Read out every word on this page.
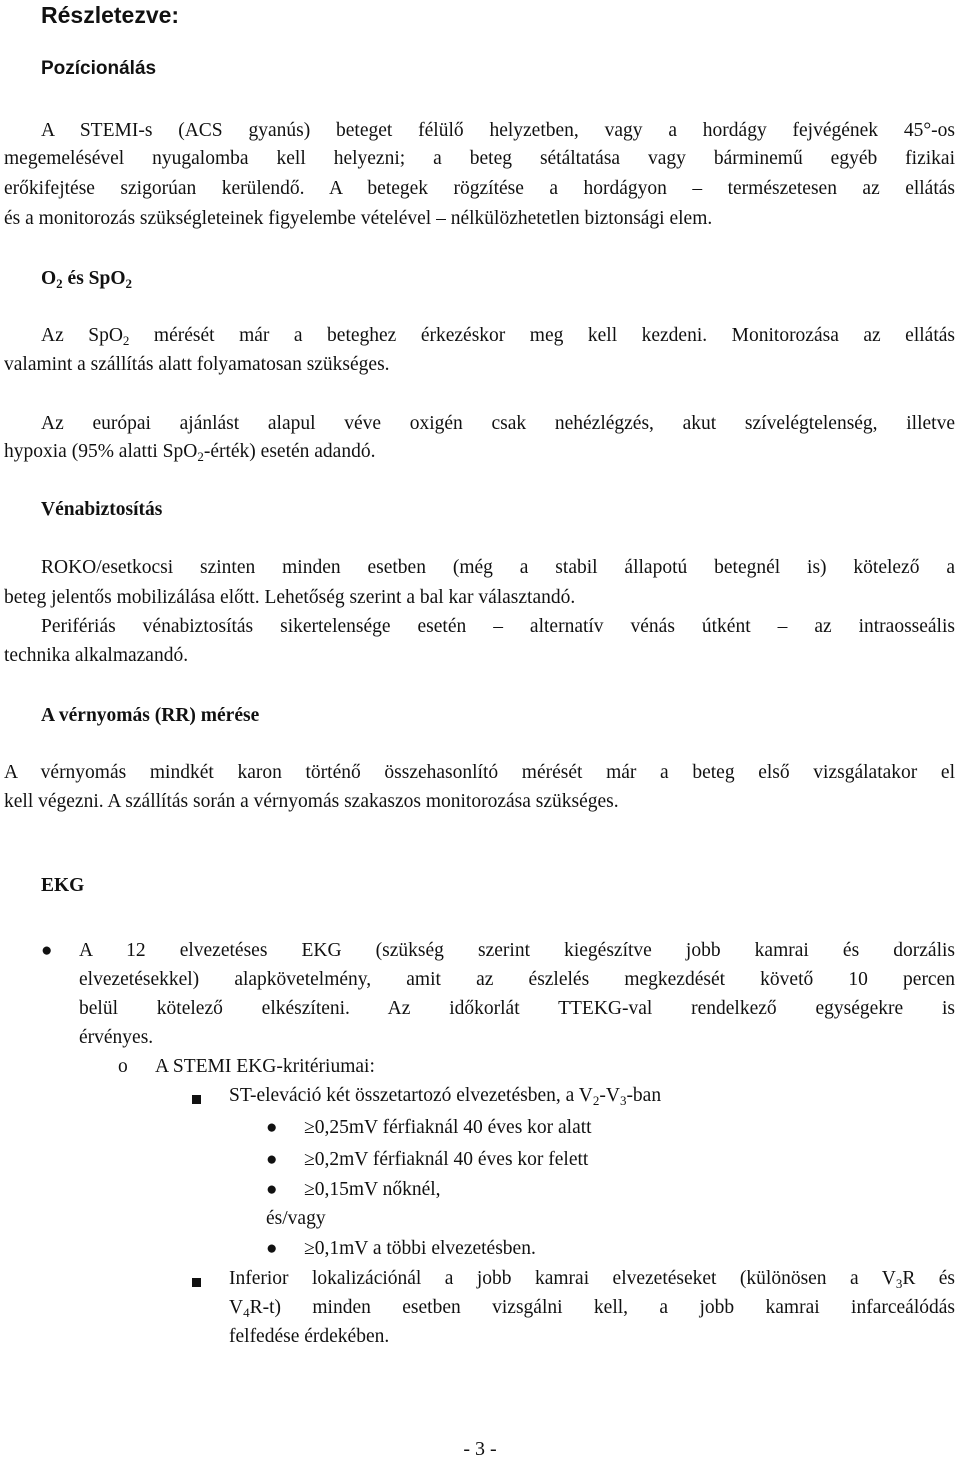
Részletezve:
Pozícionálás
A STEMI-s (ACS gyanús) beteget félülő helyzetben, vagy a hordágy fejvégének 45°-os
megemelésével nyugalomba kell helyezni; a beteg sétáltatása vagy bárminemű egyéb fizikai
erőkifejtése szigorúan kerülendő. A betegek rögzítése a hordágyon – természetesen az ellátás
és a monitorozás szükségleteinek figyelembe vételével – nélkülözhetetlen biztonsági elem.
$O_2$ és SpO$_2$
Az SpO$_2$ mérését már a beteghez érkezéskor meg kell kezdeni. Monitorozása az ellátás
valamint a szállítás alatt folyamatosan szükséges.
Az európai ajánlást alapul véve oxigén csak nehézlégzés, akut szívelégtelenség, illetve
hypoxia (95% alatti SpO$_2$-érték) esetén adandó.
Vénabiztosítás
ROKO/esetkocsi szinten minden esetben (még a stabil állapotú betegnél is) kötelező a
beteg jelentős mobilizálása előtt. Lehetőség szerint a bal kar választandó.
Perifériás vénabiztosítás sikertelensége esetén – alternatív vénás útként – az intraosseális
technika alkalmazandó.
A vérnyomás (RR) mérése
A vérnyomás mindkét karon történő összehasonlító mérését már a beteg első vizsgálatakor el
kell végezni. A szállítás során a vérnyomás szakaszos monitorozása szükséges.
EKG
● A 12 elvezetéses EKG (szükség szerint kiegészítve jobb kamrai és dorzális
elvezetésekkel) alapkövetelmény, amit az észlelés megkezdését követő 10 percen
belül kötelező elkészíteni. Az időkorlát TTEKG-val rendelkező egységekre is
érvényes.
o A STEMI EKG-kritériumai:
ST-eleváció két összetartozó elvezetésben, a $V_2-V_3$-ban
● ≥0,25mV férfiaknál 40 éves kor alatt
● ≥0,2mV férfiaknál 40 éves kor felett
● ≥0,15mV nőknél,
és/vagy
● ≥0,1mV a többi elvezetésben.
Inferior lokalizációnál a jobb kamrai elvezetéseket (különösen a $V_3R$ és
$V_4R-t$) minden esetben vizsgálni kell, a jobb kamrai infarceálódás
felfedése érdekében.
- 3 -
